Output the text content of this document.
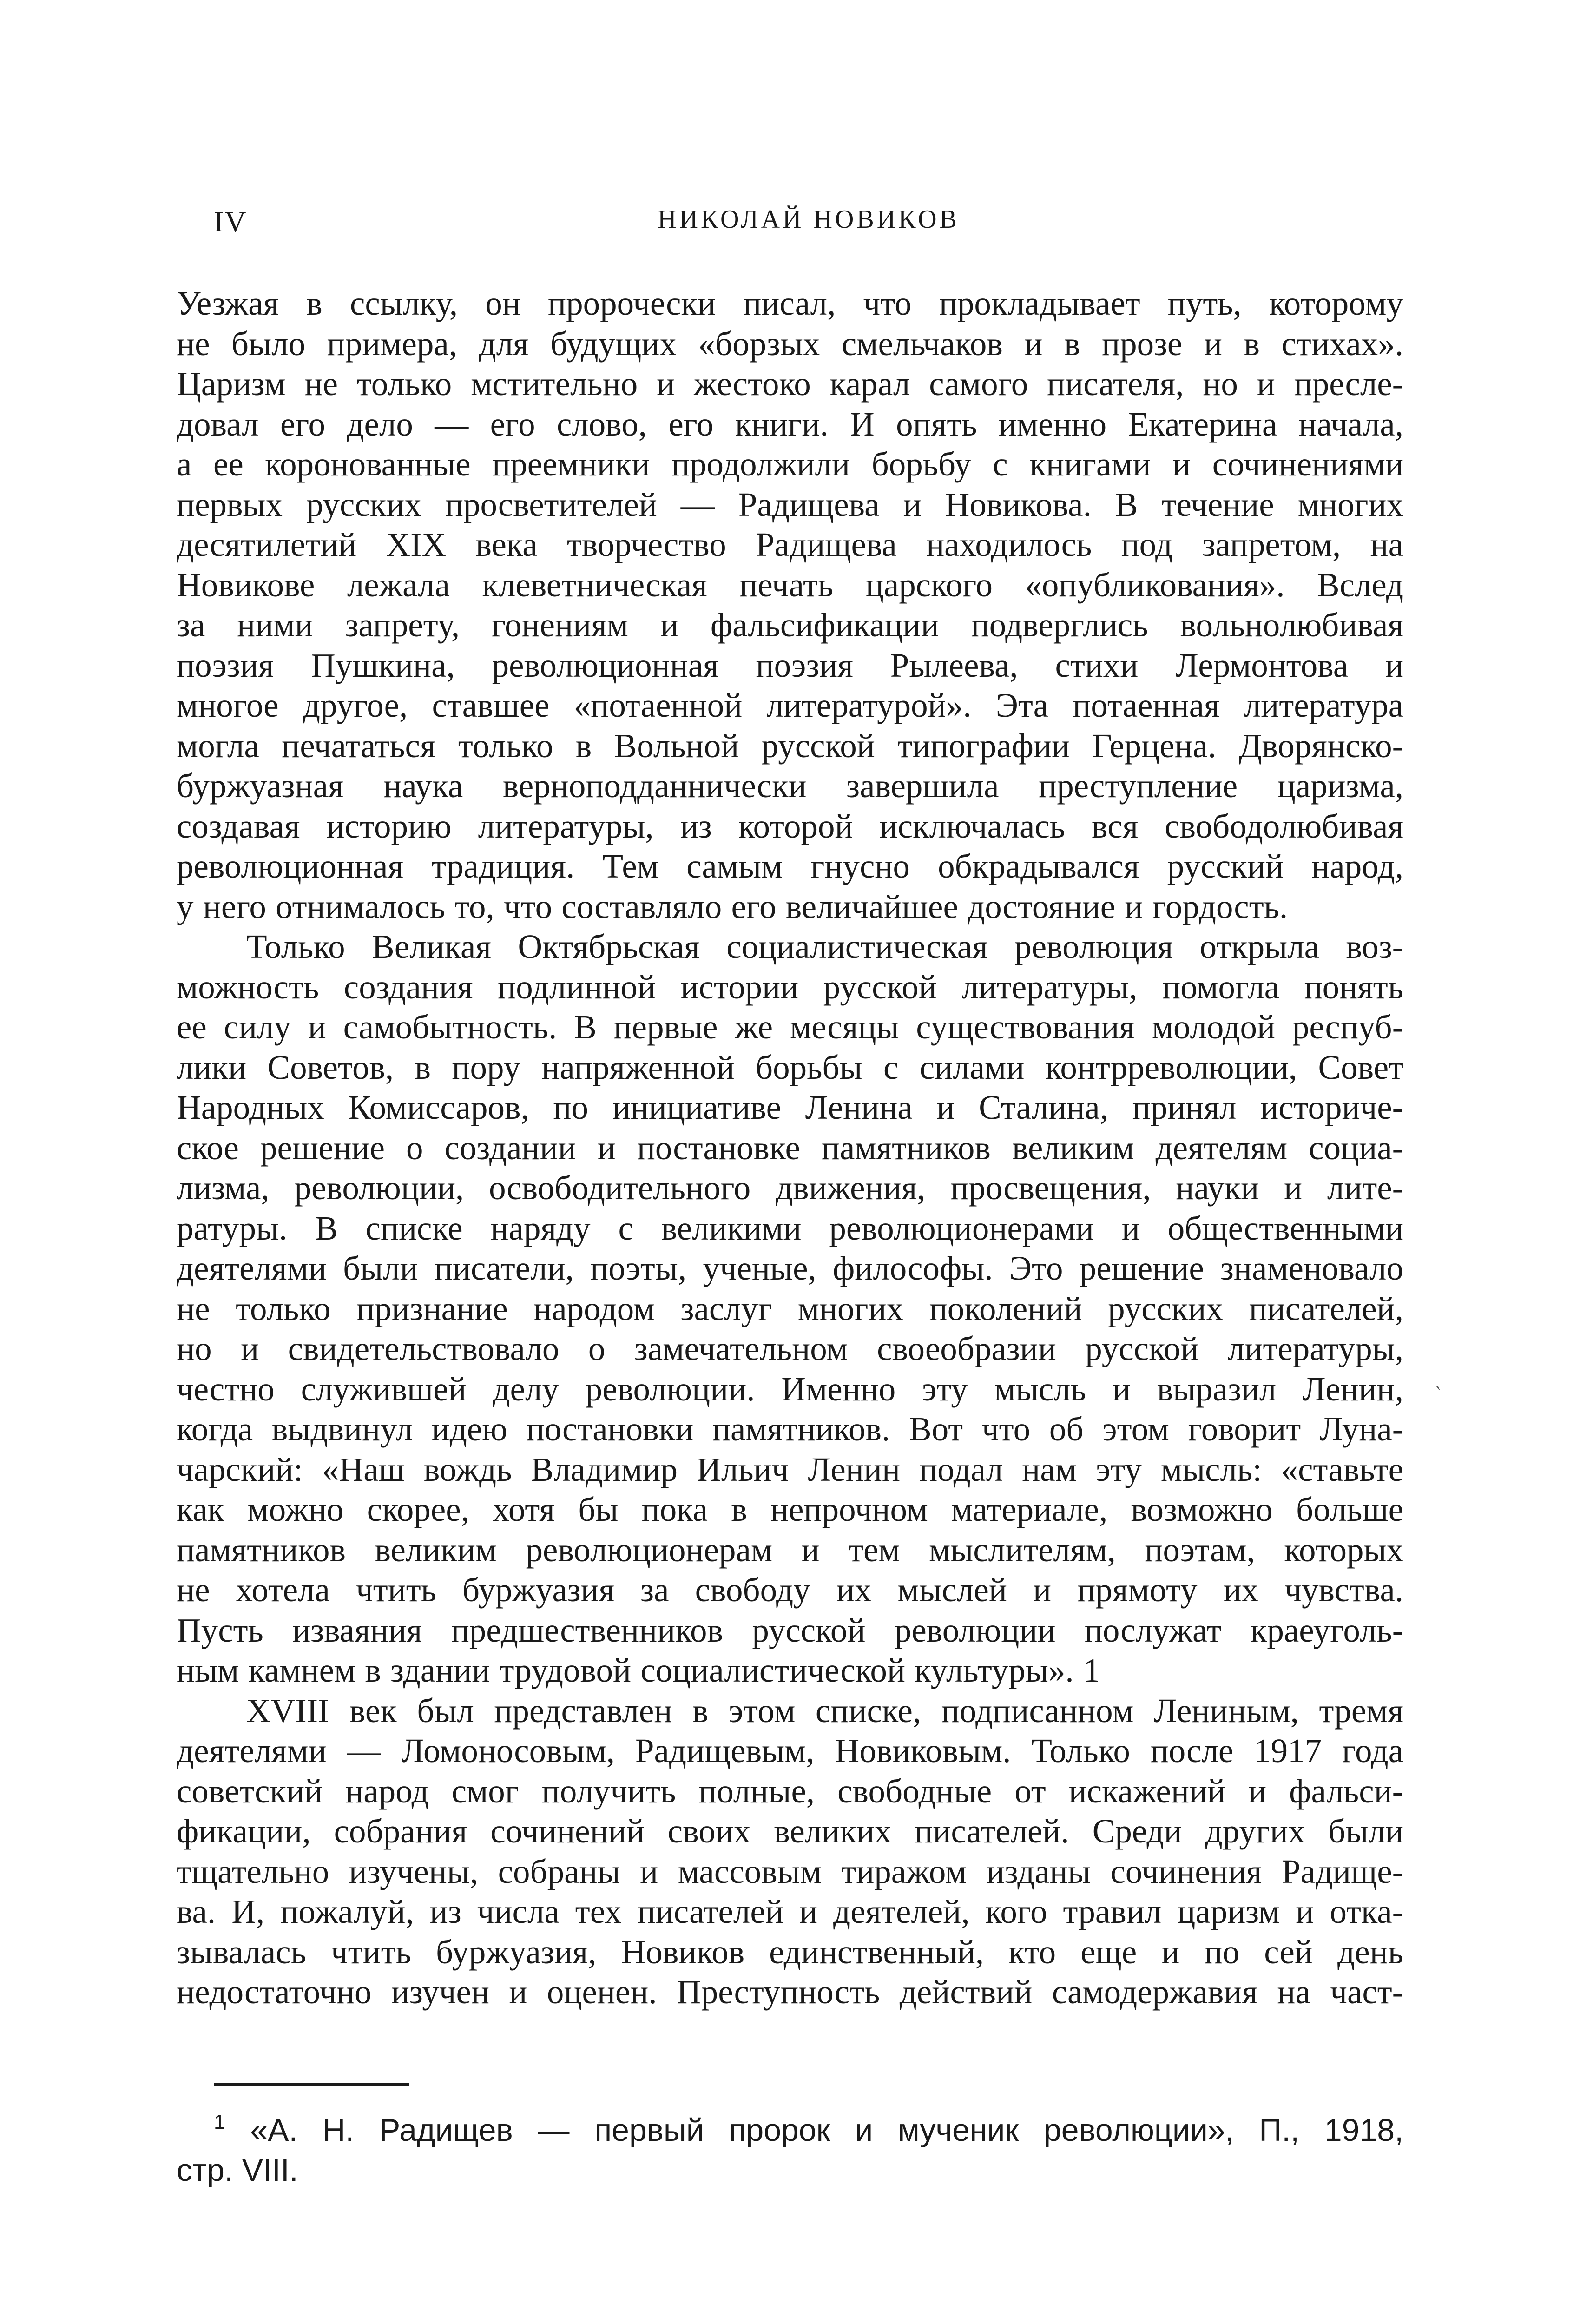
IV	НИКОЛАЙ НОВИКОВ

Уезжая в ссылку, он пророчески писал, что прокладывает путь, которому
не было примера, для будущих «борзых смельчаков и в прозе и в стихах».
Царизм не только мстительно и жестоко карал самого писателя, но и пресле-
довал его дело — его слово, его книги. И опять именно Екатерина начала,
а ее коронованные преемники продолжили борьбу с книгами и сочинениями
первых русских просветителей — Радищева и Новикова. В течение многих
десятилетий XIX века творчество Радищева находилось под запретом, на
Новикове лежала клеветническая печать царского «опубликования». Вслед
за ними запрету, гонениям и фальсификации подверглись вольнолюбивая
поэзия Пушкина, революционная поэзия Рылеева, стихи Лермонтова и
многое другое, ставшее «потаенной литературой». Эта потаенная литература
могла печататься только в Вольной русской типографии Герцена. Дворянско-
буржуазная наука верноподданнически завершила преступление царизма,
создавая историю литературы, из которой исключалась вся свободолюбивая
революционная традиция. Тем самым гнусно обкрадывался русский народ,
у него отнималось то, что составляло его величайшее достояние и гордость.

Только Великая Октябрьская социалистическая революция открыла воз-
можность создания подлинной истории русской литературы, помогла понять
ее силу и самобытность. В первые же месяцы существования молодой респуб-
лики Советов, в пору напряженной борьбы с силами контрреволюции, Совет
Народных Комиссаров, по инициативе Ленина и Сталина, принял историче-
ское решение о создании и постановке памятников великим деятелям социа-
лизма, революции, освободительного движения, просвещения, науки и лите-
ратуры. В списке наряду с великими революционерами и общественными
деятелями были писатели, поэты, ученые, философы. Это решение знаменовало
не только признание народом заслуг многих поколений русских писателей,
но и свидетельствовало о замечательном своеобразии русской литературы,
честно служившей делу революции. Именно эту мысль и выразил Ленин,
когда выдвинул идею постановки памятников. Вот что об этом говорит Луна-
чарский: «Наш вождь Владимир Ильич Ленин подал нам эту мысль: «ставьте
как можно скорее, хотя бы пока в непрочном материале, возможно больше
памятников великим революционерам и тем мыслителям, поэтам, которых
не хотела чтить буржуазия за свободу их мыслей и прямоту их чувства.
Пусть изваяния предшественников русской революции послужат краеуголь-
ным камнем в здании трудовой социалистической культуры». 1

XVIII век был представлен в этом списке, подписанном Лениным, тремя
деятелями — Ломоносовым, Радищевым, Новиковым. Только после 1917 года
советский народ смог получить полные, свободные от искажений и фальси-
фикации, собрания сочинений своих великих писателей. Среди других были
тщательно изучены, собраны и массовым тиражом изданы сочинения Радище-
ва. И, пожалуй, из числа тех писателей и деятелей, кого травил царизм и отка-
зывалась чтить буржуазия, Новиков единственный, кто еще и по сей день
недостаточно изучен и оценен. Преступность действий самодержавия на част-

$^1$ «А. Н. Радищев — первый пророк и мученик революции», П., 1918,
стр. VIII.
‵
